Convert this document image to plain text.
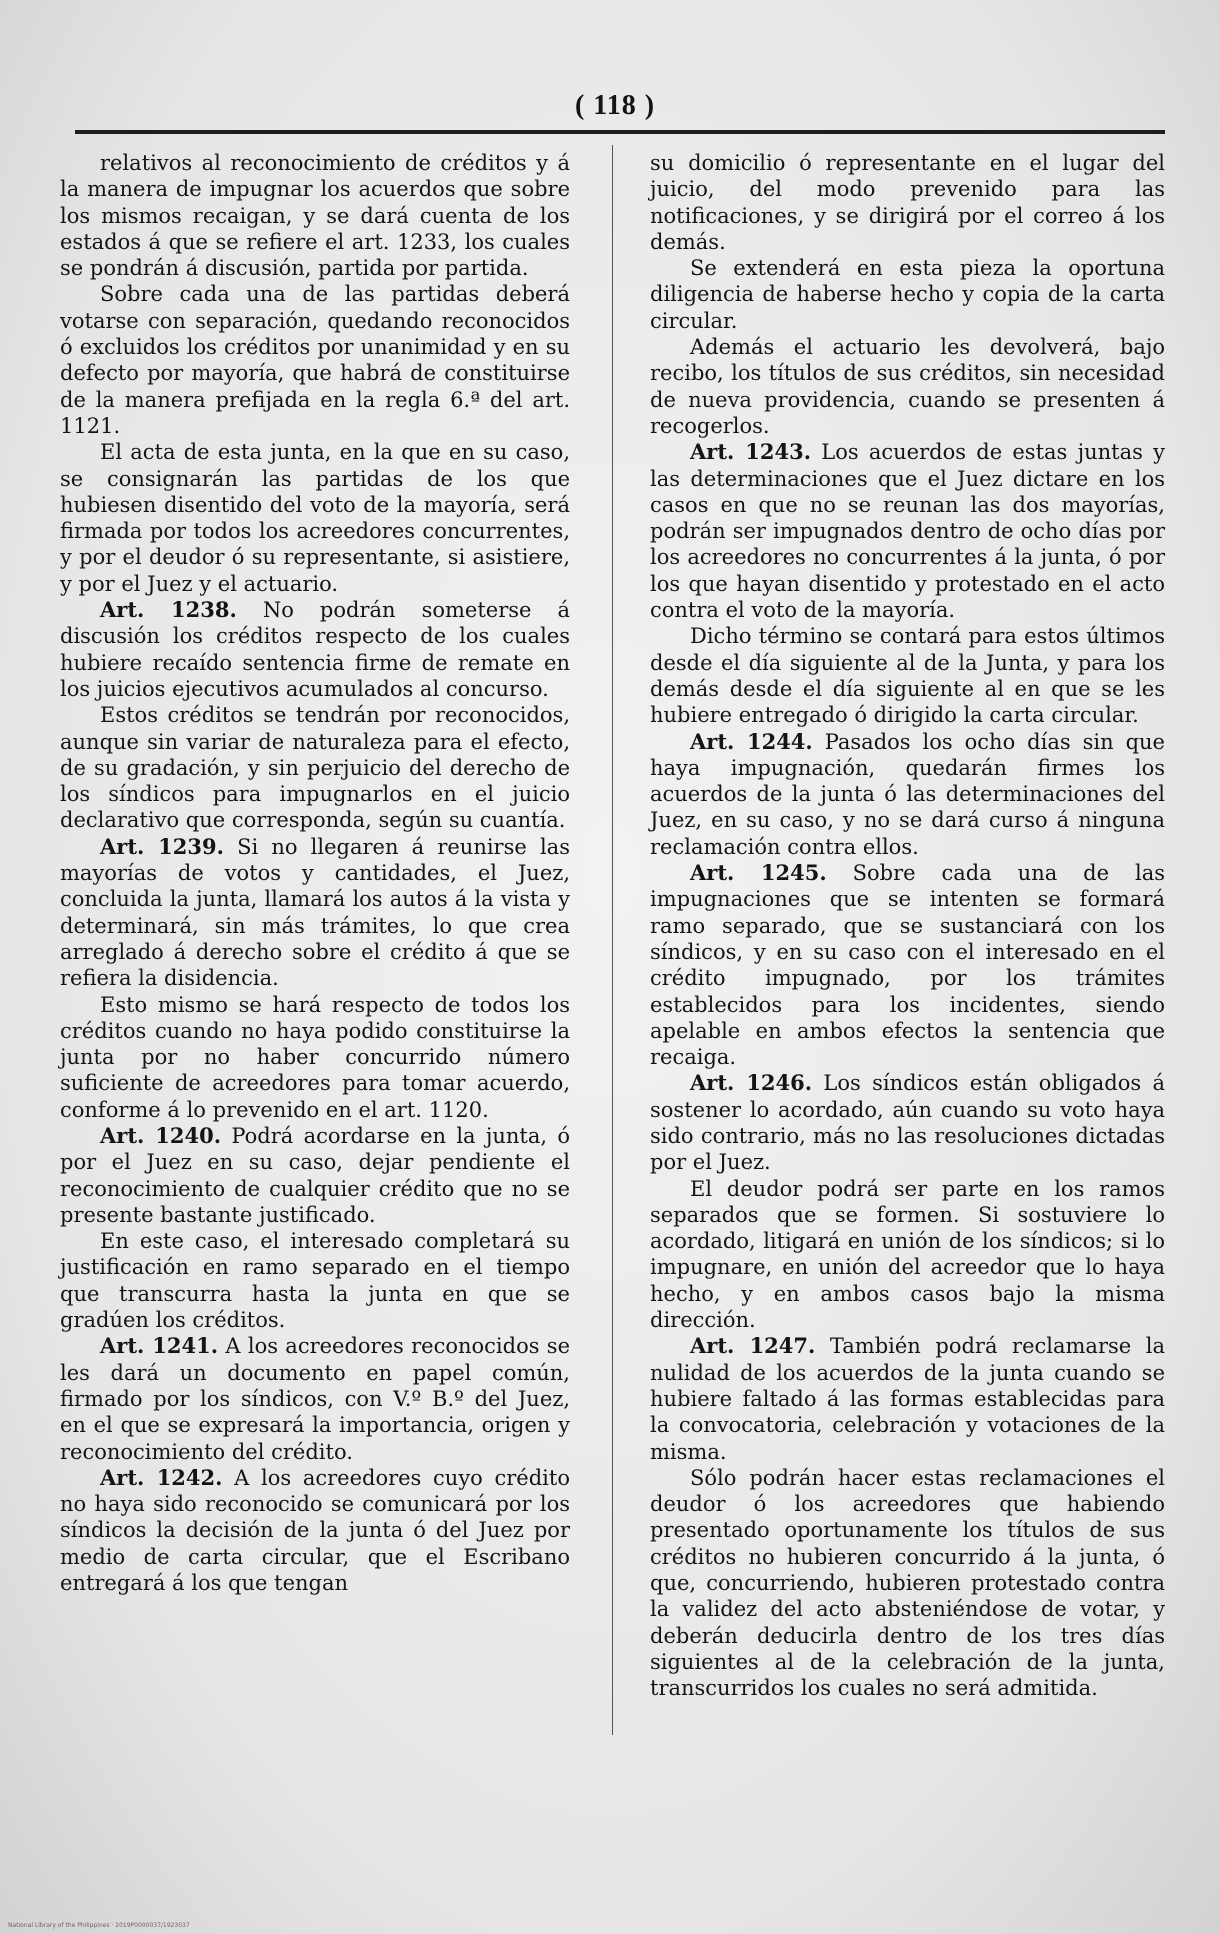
( 118 )

relativos al reconocimiento de créditos y á la manera de impugnar los acuerdos que sobre los mismos recaigan, y se dará cuenta de los estados á que se refiere el art. 1233, los cuales se pondrán á discusión, partida por partida.

Sobre cada una de las partidas deberá votarse con separación, quedando reconocidos ó excluidos los créditos por unanimidad y en su defecto por mayoría, que habrá de constituirse de la manera prefijada en la regla 6.ª del art. 1121.

El acta de esta junta, en la que en su caso, se consignarán las partidas de los que hubiesen disentido del voto de la mayoría, será firmada por todos los acreedores concurrentes, y por el deudor ó su representante, si asistiere, y por el Juez y el actuario.

Art. 1238. No podrán someterse á discusión los créditos respecto de los cuales hubiere recaído sentencia firme de remate en los juicios ejecutivos acumulados al concurso.

Estos créditos se tendrán por reconocidos, aunque sin variar de naturaleza para el efecto, de su gradación, y sin perjuicio del derecho de los síndicos para impugnarlos en el juicio declarativo que corresponda, según su cuantía.

Art. 1239. Si no llegaren á reunirse las mayorías de votos y cantidades, el Juez, concluida la junta, llamará los autos á la vista y determinará, sin más trámites, lo que crea arreglado á derecho sobre el crédito á que se refiera la disidencia.

Esto mismo se hará respecto de todos los créditos cuando no haya podido constituirse la junta por no haber concurrido número suficiente de acreedores para tomar acuerdo, conforme á lo prevenido en el art. 1120.

Art. 1240. Podrá acordarse en la junta, ó por el Juez en su caso, dejar pendiente el reconocimiento de cualquier crédito que no se presente bastante justificado.

En este caso, el interesado completará su justificación en ramo separado en el tiempo que transcurra hasta la junta en que se gradúen los créditos.

Art. 1241. A los acreedores reconocidos se les dará un documento en papel común, firmado por los síndicos, con V.º B.º del Juez, en el que se expresará la importancia, origen y reconocimiento del crédito.

Art. 1242. A los acreedores cuyo crédito no haya sido reconocido se comunicará por los síndicos la decisión de la junta ó del Juez por medio de carta circular, que el Escribano entregará á los que tengan

su domicilio ó representante en el lugar del juicio, del modo prevenido para las notificaciones, y se dirigirá por el correo á los demás.

Se extenderá en esta pieza la oportuna diligencia de haberse hecho y copia de la carta circular.

Además el actuario les devolverá, bajo recibo, los títulos de sus créditos, sin necesidad de nueva providencia, cuando se presenten á recogerlos.

Art. 1243. Los acuerdos de estas juntas y las determinaciones que el Juez dictare en los casos en que no se reunan las dos mayorías, podrán ser impugnados dentro de ocho días por los acreedores no concurrentes á la junta, ó por los que hayan disentido y protestado en el acto contra el voto de la mayoría.

Dicho término se contará para estos últimos desde el día siguiente al de la Junta, y para los demás desde el día siguiente al en que se les hubiere entregado ó dirigido la carta circular.

Art. 1244. Pasados los ocho días sin que haya impugnación, quedarán firmes los acuerdos de la junta ó las determinaciones del Juez, en su caso, y no se dará curso á ninguna reclamación contra ellos.

Art. 1245. Sobre cada una de las impugnaciones que se intenten se formará ramo separado, que se sustanciará con los síndicos, y en su caso con el interesado en el crédito impugnado, por los trámites establecidos para los incidentes, siendo apelable en ambos efectos la sentencia que recaiga.

Art. 1246. Los síndicos están obligados á sostener lo acordado, aún cuando su voto haya sido contrario, más no las resoluciones dictadas por el Juez.

El deudor podrá ser parte en los ramos separados que se formen. Si sostuviere lo acordado, litigará en unión de los síndicos; si lo impugnare, en unión del acreedor que lo haya hecho, y en ambos casos bajo la misma dirección.

Art. 1247. También podrá reclamarse la nulidad de los acuerdos de la junta cuando se hubiere faltado á las formas establecidas para la convocatoria, celebración y votaciones de la misma.

Sólo podrán hacer estas reclamaciones el deudor ó los acreedores que habiendo presentado oportunamente los títulos de sus créditos no hubieren concurrido á la junta, ó que, concurriendo, hubieren protestado contra la validez del acto absteniéndose de votar, y deberán deducirla dentro de los tres días siguientes al de la celebración de la junta, transcurridos los cuales no será admitida.

National Library of the Philippines · 2019P0000037/1923037
